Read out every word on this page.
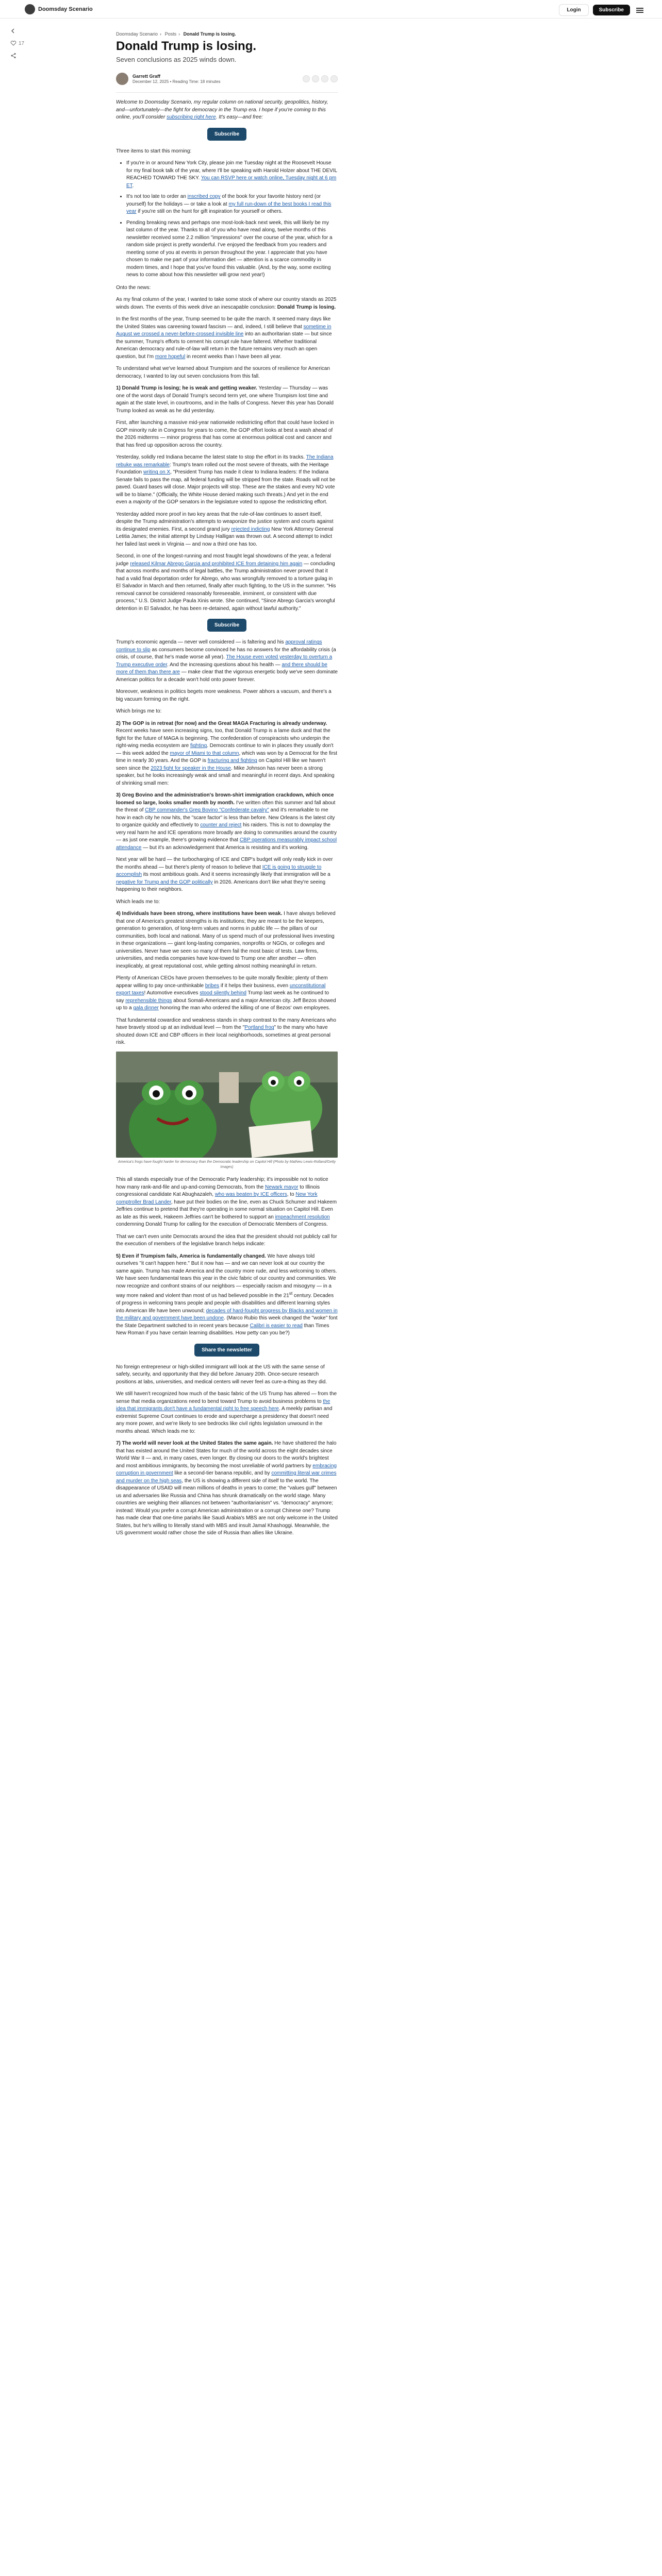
Doomsday Scenario	Login	Subscribe
17
Doomsday Scenario › Posts › Donald Trump is losing.
Donald Trump is losing.
Seven conclusions as 2025 winds down.
Garrett Graff
December 12, 2025 • Reading Time: 18 minutes

Welcome to Doomsday Scenario, my regular column on national security, geopolitics, history, and—unfortunately—the fight for democracy in the Trump era. I hope if you're coming to this online, you'll consider subscribing right here. It's easy—and free:

Subscribe

Three items to start this morning:

• If you're in or around New York City, please join me Tuesday night at the Roosevelt House for my final book talk of the year, where I'll be speaking with Harold Holzer about THE DEVIL REACHED TOWARD THE SKY. You can RSVP here or watch online, Tuesday night at 6 pm ET.
• It's not too late to order an inscribed copy of the book for your favorite history nerd (or yourself) for the holidays — or take a look at my full run-down of the best books I read this year if you're still on the hunt for gift inspiration for yourself or others.
• Pending breaking news and perhaps one most-look-back next week, this will likely be my last column of the year. Thanks to all of you who have read along, twelve months of this newsletter received some 2.2 million "impressions" over the course of the year, which for a random side project is pretty wonderful. I've enjoyed the feedback from you readers and meeting some of you at events in person throughout the year. I appreciate that you have chosen to make me part of your information diet — attention is a scarce commodity in modern times, and I hope that you've found this valuable. (And, by the way, some exciting news to come about how this newsletter will grow next year!)

Onto the news:

As my final column of the year, I wanted to take some stock of where our country stands as 2025 winds down. The events of this week drive an inescapable conclusion: Donald Trump is losing.

In the first months of the year, Trump seemed to be quite the march. It seemed many days like the United States was careening toward fascism — and, indeed, I still believe that sometime in August we crossed a never-before-crossed invisible line into an authoritarian state — but since the summer, Trump's efforts to cement his corrupt rule have faltered. Whether traditional American democracy and rule-of-law will return in the future remains very much an open question, but I'm more hopeful in recent weeks than I have been all year.

To understand what we've learned about Trumpism and the sources of resilience for American democracy, I wanted to lay out seven conclusions from this fall.

1) Donald Trump is losing; he is weak and getting weaker. Yesterday — Thursday — was one of the worst days of Donald Trump's second term yet, one where Trumpism lost time and again at the state level, in courtrooms, and in the halls of Congress. Never this year has Donald Trump looked as weak as he did yesterday.

First, after launching a massive mid-year nationwide redistricting effort that could have locked in GOP minority rule in Congress for years to come, the GOP effort looks at best a wash ahead of the 2026 midterms — minor progress that has come at enormous political cost and cancer and that has fired up opposition across the country.

Yesterday, solidly red Indiana became the latest state to stop the effort in its tracks. The Indiana rebuke was remarkable: Trump's team rolled out the most severe of threats, with the Heritage Foundation writing on X, "President Trump has made it clear to Indiana leaders: If the Indiana Senate fails to pass the map, all federal funding will be stripped from the state. Roads will not be paved. Guard bases will close. Major projects will stop. These are the stakes and every NO vote will be to blame." (Officially, the White House denied making such threats.) And yet in the end even a majority of the GOP senators in the legislature voted to oppose the redistricting effort.

Yesterday added more proof in two key areas that the rule-of-law continues to assert itself, despite the Trump administration's attempts to weaponize the justice system and courts against its designated enemies. First, a second grand jury rejected indicting New York Attorney General Letitia James; the initial attempt by Lindsay Halligan was thrown out. A second attempt to indict her failed last week in Virginia — and now a third one has too.

Second, in one of the longest-running and most fraught legal showdowns of the year, a federal judge released Kilmar Abrego Garcia and prohibited ICE from detaining him again — concluding that across months and months of legal battles, the Trump administration never proved that it had a valid final deportation order for Abrego, who was wrongfully removed to a torture gulag in El Salvador in March and then returned, finally after much fighting, to the US in the summer. "His removal cannot be considered reasonably foreseeable, imminent, or consistent with due process," U.S. District Judge Paula Xinis wrote. She continued, "Since Abrego Garcia's wrongful detention in El Salvador, he has been re-detained, again without lawful authority."

Subscribe

Trump's economic agenda — never well considered — is faltering and his approval ratings continue to slip as consumers become convinced he has no answers for the affordability crisis (a crisis, of course, that he's made worse all year). The House even voted yesterday to overturn a Trump executive order. And the increasing questions about his health — and there should be more of them than there are — make clear that the vigorous energetic body we've seen dominate American politics for a decade won't hold onto power forever.

Moreover, weakness in politics begets more weakness. Power abhors a vacuum, and there's a big vacuum forming on the right.

Which brings me to:

2) The GOP is in retreat (for now) and the Great MAGA Fracturing is already underway. Recent weeks have seen increasing signs, too, that Donald Trump is a lame duck and that the fight for the future of MAGA is beginning. The confederation of conspiracists who underpin the right-wing media ecosystem are fighting. Democrats continue to win in places they usually don't — this week added the mayor of Miami to that column, which was won by a Democrat for the first time in nearly 30 years. And the GOP is fracturing and fighting on Capitol Hill like we haven't seen since the 2023 fight for speaker in the House. Mike Johnson has never been a strong speaker, but he looks increasingly weak and small and meaningful in recent days. And speaking of shrinking small men:

3) Greg Bovino and the administration's brown-shirt immigration crackdown, which once loomed so large, looks smaller month by month. I've written often this summer and fall about the threat of CBP commander's Greg Bovino "Confederate cavalry" and it's remarkable to me how in each city he now hits, the "scare factor" is less than before. New Orleans is the latest city to organize quickly and effectively to counter and reject his raiders. This is not to downplay the very real harm he and ICE operations more broadly are doing to communities around the country — as just one example, there's growing evidence that CBP operations measurably impact school attendance — but it's an acknowledgement that America is resisting and it's working.

Next year will be hard — the turbocharging of ICE and CBP's budget will only really kick in over the months ahead — but there's plenty of reason to believe that ICE is going to struggle to accomplish its most ambitious goals. And it seems increasingly likely that immigration will be a negative for Trump and the GOP politically in 2026. Americans don't like what they're seeing happening to their neighbors.

Which leads me to:

4) Individuals have been strong, where institutions have been weak. I have always believed that one of America's greatest strengths is its institutions; they are meant to be the keepers, generation to generation, of long-term values and norms in public life — the pillars of our communities, both local and national. Many of us spend much of our professional lives investing in these organizations — giant long-lasting companies, nonprofits or NGOs, or colleges and universities. Never have we seen so many of them fail the most basic of tests. Law firms, universities, and media companies have kow-towed to Trump one after another — often inexplicably, at great reputational cost, while getting almost nothing meaningful in return.

Plenty of American CEOs have proven themselves to be quite morally flexible; plenty of them appear willing to pay once-unthinkable bribes if it helps their business, even unconstitutional export taxes! Automotive executives stood silently behind Trump last week as he continued to say reprehensible things about Somali-Americans and a major American city. Jeff Bezos showed up to a gala dinner honoring the man who ordered the killing of one of Bezos' own employees.

That fundamental cowardice and weakness stands in sharp contrast to the many Americans who have bravely stood up at an individual level — from the "Portland frog" to the many who have shouted down ICE and CBP officers in their local neighborhoods, sometimes at great personal risk.

America's frogs have fought harder for democracy than the Democratic leadership on Capitol Hill (Photo by Mathieu Lewis-Rolland/Getty Images)

This all stands especially true of the Democratic Party leadership; it's impossible not to notice how many rank-and-file and up-and-coming Democrats, from the Newark mayor to Illinois congressional candidate Kat Abughazaleh, who was beaten by ICE officers, to New York comptroller Brad Lander, have put their bodies on the line, even as Chuck Schumer and Hakeem Jeffries continue to pretend that they're operating in some normal situation on Capitol Hill. Even as late as this week, Hakeem Jeffries can't be bothered to support an impeachment resolution condemning Donald Trump for calling for the execution of Democratic Members of Congress.

That we can't even unite Democrats around the idea that the president should not publicly call for the execution of members of the legislative branch helps indicate:

5) Even if Trumpism fails, America is fundamentally changed. We have always told ourselves "it can't happen here." But it now has — and we can never look at our country the same again. Trump has made America and the country more rude, and less welcoming to others. We have seen fundamental tears this year in the civic fabric of our country and communities. We now recognize and confront strains of our neighbors — especially racism and misogyny — in a way more naked and violent than most of us had believed possible in the 21st century. Decades of progress in welcoming trans people and people with disabilities and different learning styles into American life have been unwound; decades of hard-fought progress by Blacks and women in the military and government have been undone. (Marco Rubio this week changed the "woke" font the State Department switched to in recent years because Calibri is easier to read than Times New Roman if you have certain learning disabilities. How petty can you be?)

Share the newsletter

No foreign entrepreneur or high-skilled immigrant will look at the US with the same sense of safety, security, and opportunity that they did before January 20th. Once-secure research positions at labs, universities, and medical centers will never feel as cure-a-thing as they did.

We still haven't recognized how much of the basic fabric of the US Trump has altered — from the sense that media organizations need to bend toward Trump to avoid business problems to the idea that immigrants don't have a fundamental right to free speech here. A meekly partisan and extremist Supreme Court continues to erode and supercharge a presidency that doesn't need any more power, and we're likely to see bedrocks like civil rights legislation unwound in the months ahead. Which leads me to:

7) The world will never look at the United States the same again. He have shattered the halo that has existed around the United States for much of the world across the eight decades since World War II — and, in many cases, even longer. By closing our doors to the world's brightest and most ambitious immigrants, by becoming the most unreliable of world partners by embracing corruption in government like a second-tier banana republic, and by committing literal war crimes and murder on the high seas, the US is showing a different side of itself to the world. The disappearance of USAID will mean millions of deaths in years to come; the "values gulf" between us and adversaries like Russia and China has shrunk dramatically on the world stage. Many countries are weighing their alliances not between "authoritarianism" vs. "democracy" anymore; instead: Would you prefer a corrupt American administration or a corrupt Chinese one? Trump has made clear that one-time pariahs like Saudi Arabia's MBS are not only welcome in the United States, but he's willing to literally stand with MBS and insult Jamal Khashoggi. Meanwhile, the US government would rather chose the side of Russia than allies like Ukraine.
